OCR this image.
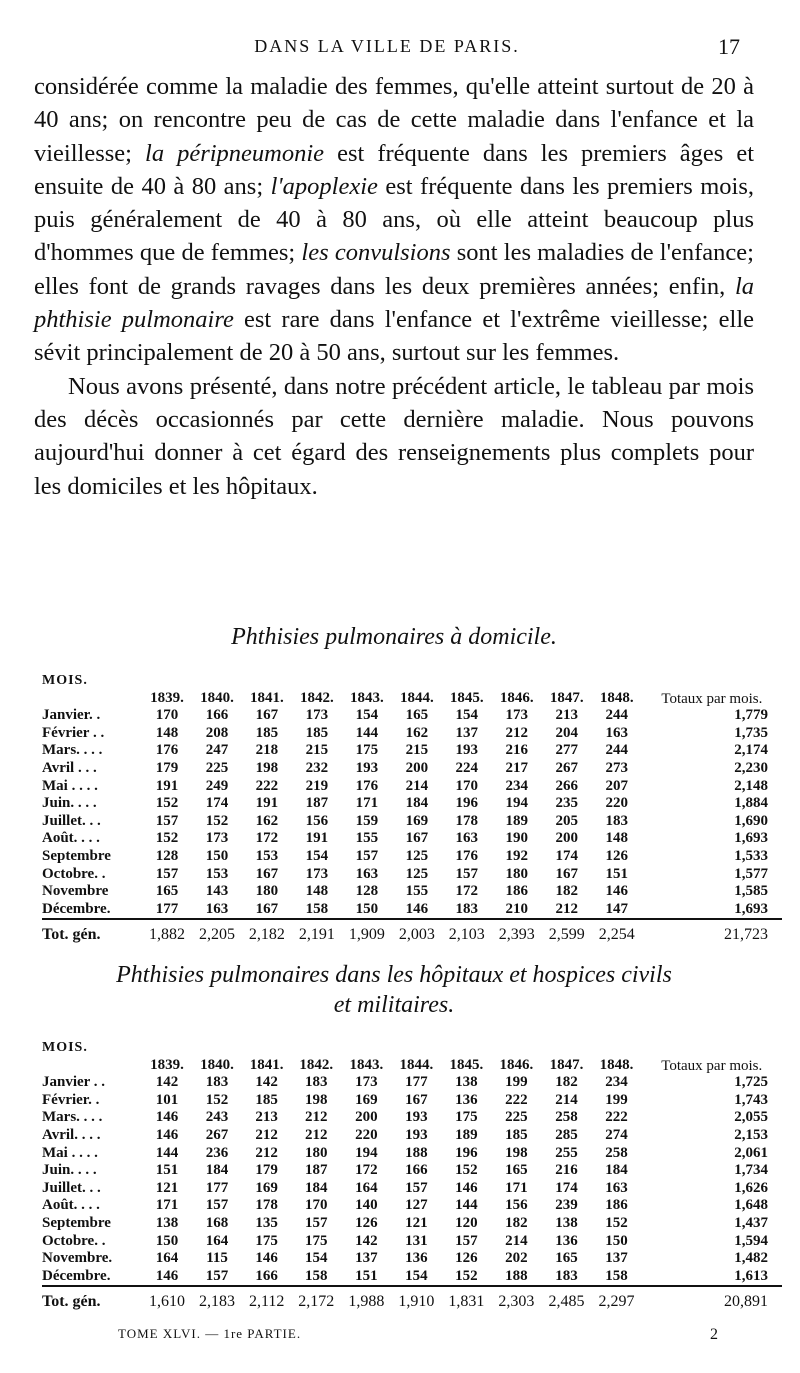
DANS LA VILLE DE PARIS.	17

considérée comme la maladie des femmes, qu'elle atteint surtout de 20 à 40 ans; on rencontre peu de cas de cette maladie dans l'enfance et la vieillesse; la péripneumonie est fréquente dans les premiers âges et ensuite de 40 à 80 ans; l'apoplexie est fréquente dans les premiers mois, puis généralement de 40 à 80 ans, où elle atteint beaucoup plus d'hommes que de femmes; les convulsions sont les maladies de l'enfance; elles font de grands ravages dans les deux premières années; enfin, la phthisie pulmonaire est rare dans l'enfance et l'extrême vieillesse; elle sévit principalement de 20 à 50 ans, surtout sur les femmes.

Nous avons présenté, dans notre précédent article, le tableau par mois des décès occasionnés par cette dernière maladie. Nous pouvons aujourd'hui donner à cet égard des renseignements plus complets pour les domiciles et les hôpitaux.

Phthisies pulmonaires à domicile.
MOIS.	1839.	1840.	1841.	1842.	1843.	1844.	1845.	1846.	1847.	1848.	Totaux par mois.
Janvier. .	170	166	167	173	154	165	154	173	213	244	1,779
Février . .	148	208	185	185	144	162	137	212	204	163	1,735
Mars. . . .	176	247	218	215	175	215	193	216	277	244	2,174
Avril . . .	179	225	198	232	193	200	224	217	267	273	2,230
Mai . . . .	191	249	222	219	176	214	170	234	266	207	2,148
Juin. . . .	152	174	191	187	171	184	196	194	235	220	1,884
Juillet. . .	157	152	162	156	159	169	178	189	205	183	1,690
Août. . . .	152	173	172	191	155	167	163	190	200	148	1,693
Septembre	128	150	153	154	157	125	176	192	174	126	1,533
Octobre. .	157	153	167	173	163	125	157	180	167	151	1,577
Novembre	165	143	180	148	128	155	172	186	182	146	1,585
Décembre.	177	163	167	158	150	146	183	210	212	147	1,693
Tot. gén.	1,882	2,205	2,182	2,191	1,909	2,003	2,103	2,393	2,599	2,254	21,723
Phthisies pulmonaires dans les hôpitaux et hospices civils
et militaires.
MOIS.	1839.	1840.	1841.	1842.	1843.	1844.	1845.	1846.	1847.	1848.	Totaux par mois.
Janvier . .	142	183	142	183	173	177	138	199	182	234	1,725
Février. .	101	152	185	198	169	167	136	222	214	199	1,743
Mars. . . .	146	243	213	212	200	193	175	225	258	222	2,055
Avril. . . .	146	267	212	212	220	193	189	185	285	274	2,153
Mai . . . .	144	236	212	180	194	188	196	198	255	258	2,061
Juin. . . .	151	184	179	187	172	166	152	165	216	184	1,734
Juillet. . .	121	177	169	184	164	157	146	171	174	163	1,626
Août. . . .	171	157	178	170	140	127	144	156	239	186	1,648
Septembre	138	168	135	157	126	121	120	182	138	152	1,437
Octobre. .	150	164	175	175	142	131	157	214	136	150	1,594
Novembre.	164	115	146	154	137	136	126	202	165	137	1,482
Décembre.	146	157	166	158	151	154	152	188	183	158	1,613
Tot. gén.	1,610	2,183	2,112	2,172	1,988	1,910	1,831	2,303	2,485	2,297	20,891
TOME XLVI. — 1re PARTIE.	2
